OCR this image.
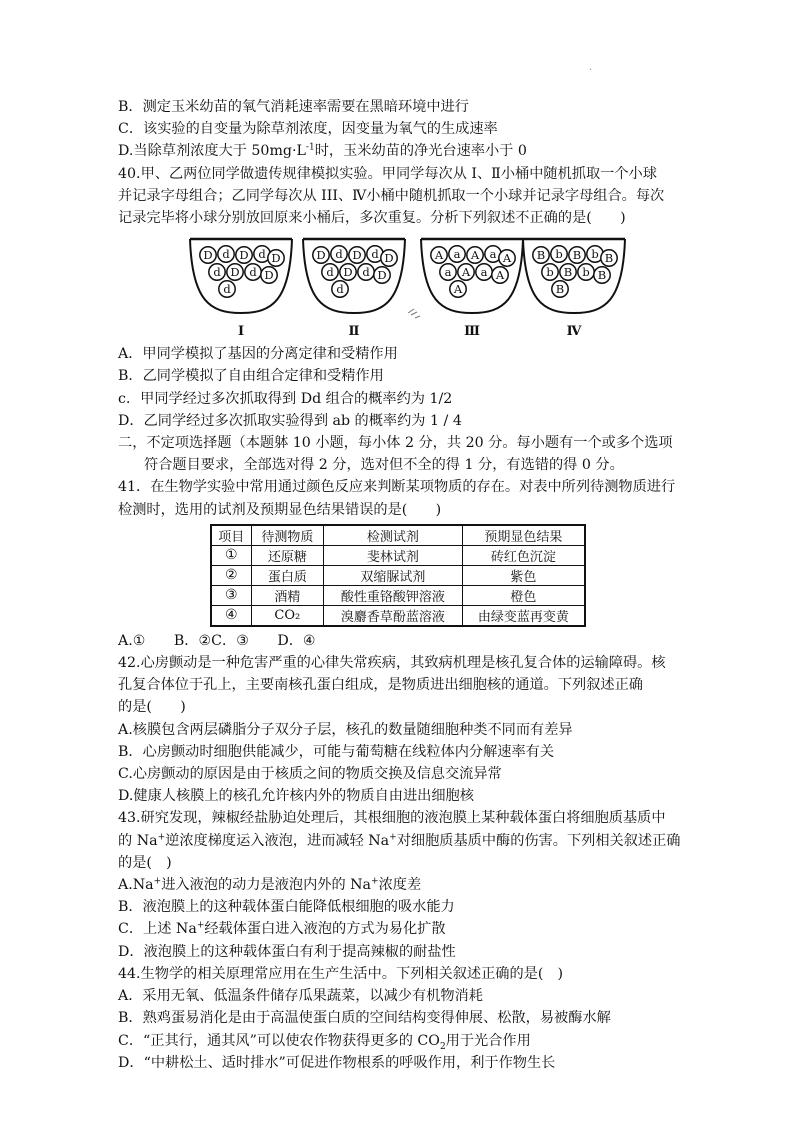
.

B．测定玉米幼苗的氧气消耗速率需要在黑暗环境中进行

C．该实验的自变量为除草剂浓度，因变量为氧气的生成速率

D.当除草剂浓度大于 $50mg\cdot L^{-1}$时，玉米幼苗的净光台速率小于 0

40.甲、乙两位同学做遗传规律模拟实验。甲同学每次从 I、Ⅱ小桶中随机抓取一个小球

并记录字母组合；乙同学每次从 III、Ⅳ小桶中随机抓取一个小球并记录字母组合。每次

记录完毕将小球分别放回原来小桶后，多次重复。分析下列叙述不正确的是(　　)

D d D d D
d D d D
d
Ⅰ
D d D d D
d D d D
d
Ⅱ
A a A a A
a A a A
A
Ⅲ
B b B b B
b B b B
B
Ⅳ

A．甲同学模拟了基因的分离定律和受精作用

B．乙同学模拟了自由组合定律和受精作用

c．甲同学经过多次抓取得到 Dd 组合的概率约为 1/2

D．乙同学经过多次抓取实验得到 ab 的概率约为 1 / 4

二，不定项选择题（本题躰 10 小题，每小体 2 分，共 20 分。每小题有一个或多个选项

符合题目要求，全部选对得 2 分，选对但不全的得 1 分，有选错的得 0 分。

41．在生物学实验中常用通过颜色反应来判断某项物质的存在。对表中所列待测物质进行

检测时，选用的试剂及预期显色结果错误的是(　　)

项目	待测物质	检测试剂	预期显色结果
①	还原糖	斐林试剂	砖红色沉淀
②	蛋白质	双缩脲试剂	紫色
③	酒精	酸性重铬酸钾溶液	橙色
④	CO₂	溴麝香草酚蓝溶液	由绿变蓝再变黄

A.①　　B．②C．③　　D．④

42.心房颤动是一种危害严重的心律失常疾病，其致病机理是核孔复合体的运输障碍。核

孔复合体位于孔上，主要南核孔蛋白组成，是物质进出细胞核的通道。下列叙述正确

的是(　　)

A.核膜包含两层磷脂分子双分子层，核孔的数量随细胞种类不同而有差异

B．心房颤动时细胞供能减少，可能与葡萄糖在线粒体内分解速率有关

C.心房颤动的原因是由于核质之间的物质交换及信息交流异常

D.健康人核膜上的核孔允许核内外的物质自由进出细胞核

43.研究发现，辣椒经盐胁迫处理后，其根细胞的液泡膜上某种载体蛋白将细胞质基质中

的 Na+逆浓度梯度运入液泡，进而减轻 Na+对细胞质基质中酶的伤害。下列相关叙述正确

的是(　)

A.Na+进入液泡的动力是液泡内外的 Na+浓度差

B．液泡膜上的这种载体蛋白能降低根细胞的吸水能力

C．上述 Na+经载体蛋白进入液泡的方式为易化扩散

D．液泡膜上的这种载体蛋白有利于提高辣椒的耐盐性

44.生物学的相关原理常应用在生产生活中。下列相关叙述正确的是(　)

A．采用无氧、低温条件储存瓜果蔬菜，以减少有机物消耗

B．熟鸡蛋易消化是由于高温使蛋白质的空间结构变得伸展、松散，易被酶水解

C．“正其行，通其风”可以使农作物获得更多的 $CO_2$用于光合作用

D．“中耕松土、适时排水”可促进作物根系的呼吸作用，利于作物生长
